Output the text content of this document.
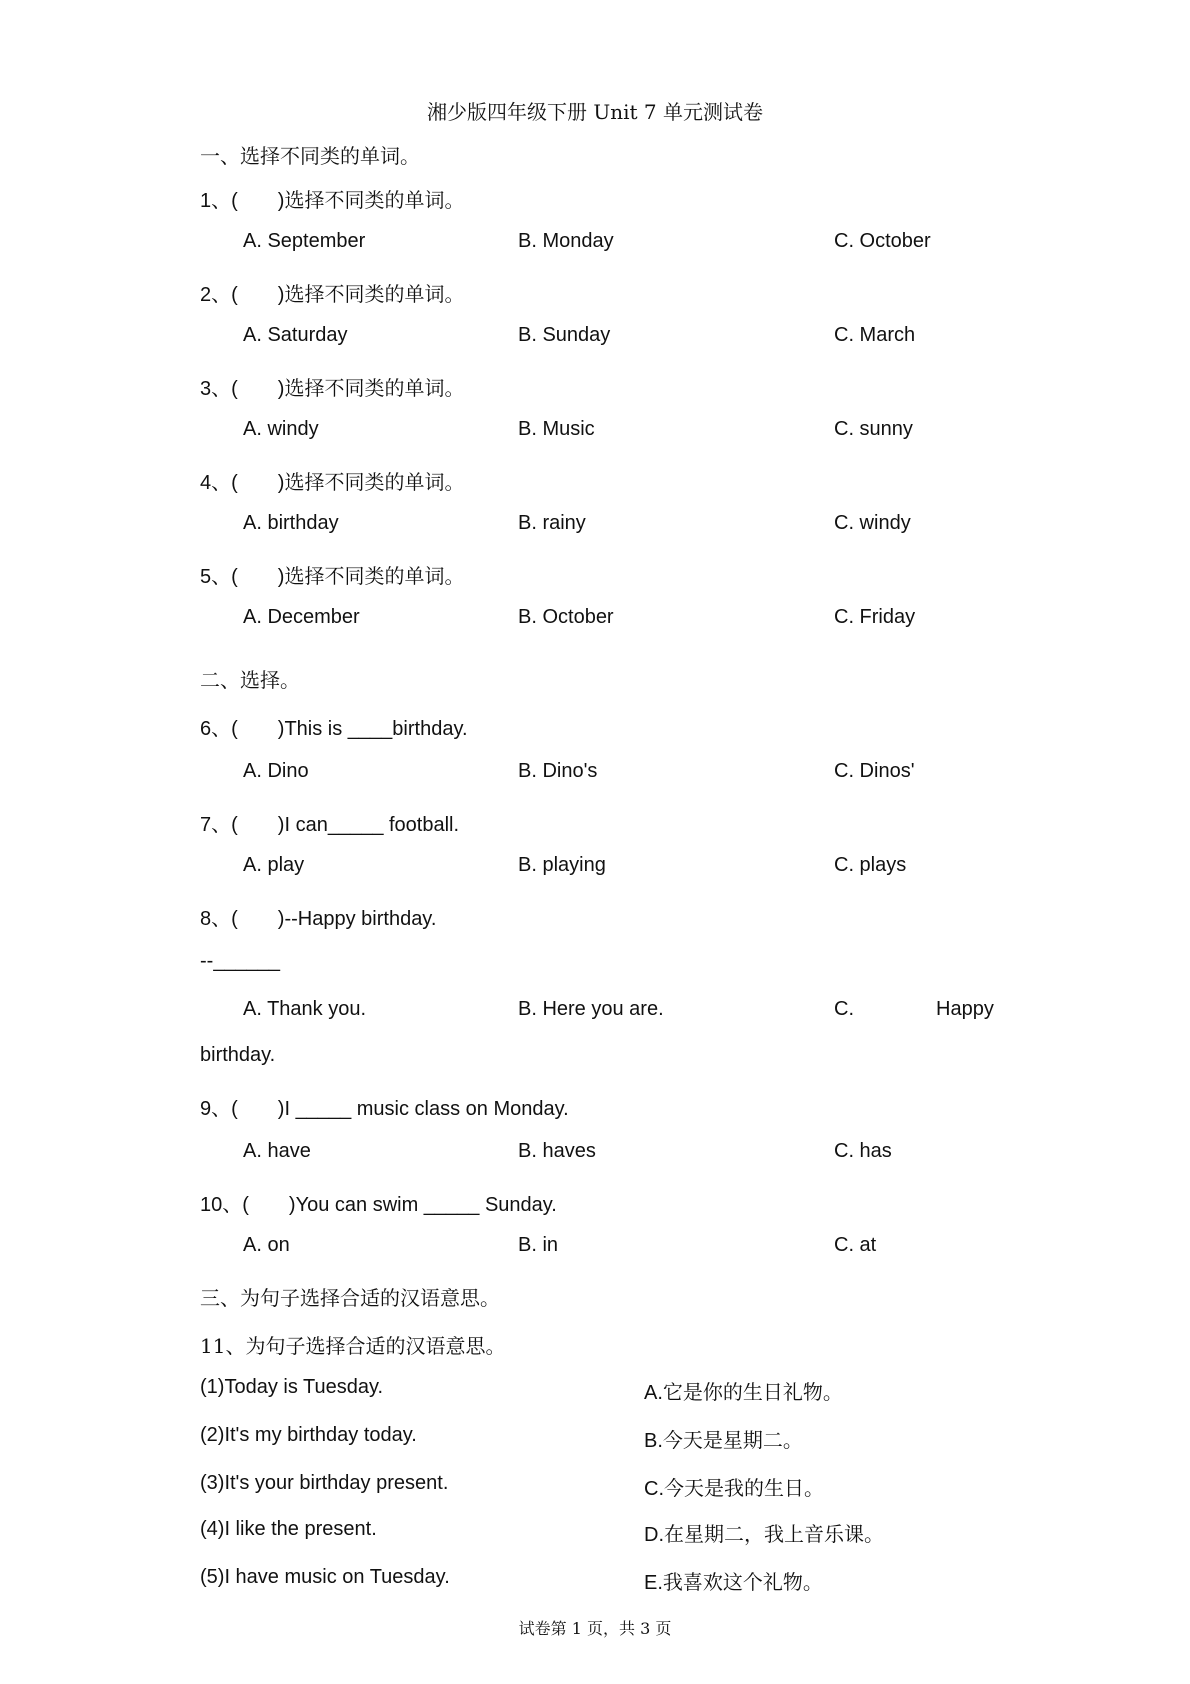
湘少版四年级下册 Unit 7 单元测试卷
一、选择不同类的单词。
1、( )选择不同类的单词。
A. September	B. Monday	C. October
2、( )选择不同类的单词。
A. Saturday	B. Sunday	C. March
3、( )选择不同类的单词。
A. windy	B. Music	C. sunny
4、( )选择不同类的单词。
A. birthday	B. rainy	C. windy
5、( )选择不同类的单词。
A. December	B. October	C. Friday
二、选择。
6、( )This is ____birthday.
A. Dino	B. Dino's	C. Dinos'
7、( )I can_____ football.
A. play	B. playing	C. plays
8、( )--Happy birthday.
--______
A. Thank you.	B. Here you are.	C.	Happy
birthday.
9、( )I _____ music class on Monday.
A. have	B. haves	C. has
10、( )You can swim _____ Sunday.
A. on	B. in	C. at
三、为句子选择合适的汉语意思。
11、为句子选择合适的汉语意思。
(1)Today is Tuesday.	A.它是你的生日礼物。
(2)It's my birthday today.	B.今天是星期二。
(3)It's your birthday present.	C.今天是我的生日。
(4)I like the present.	D.在星期二，我上音乐课。
(5)I have music on Tuesday.	E.我喜欢这个礼物。
试卷第 1 页，共 3 页
